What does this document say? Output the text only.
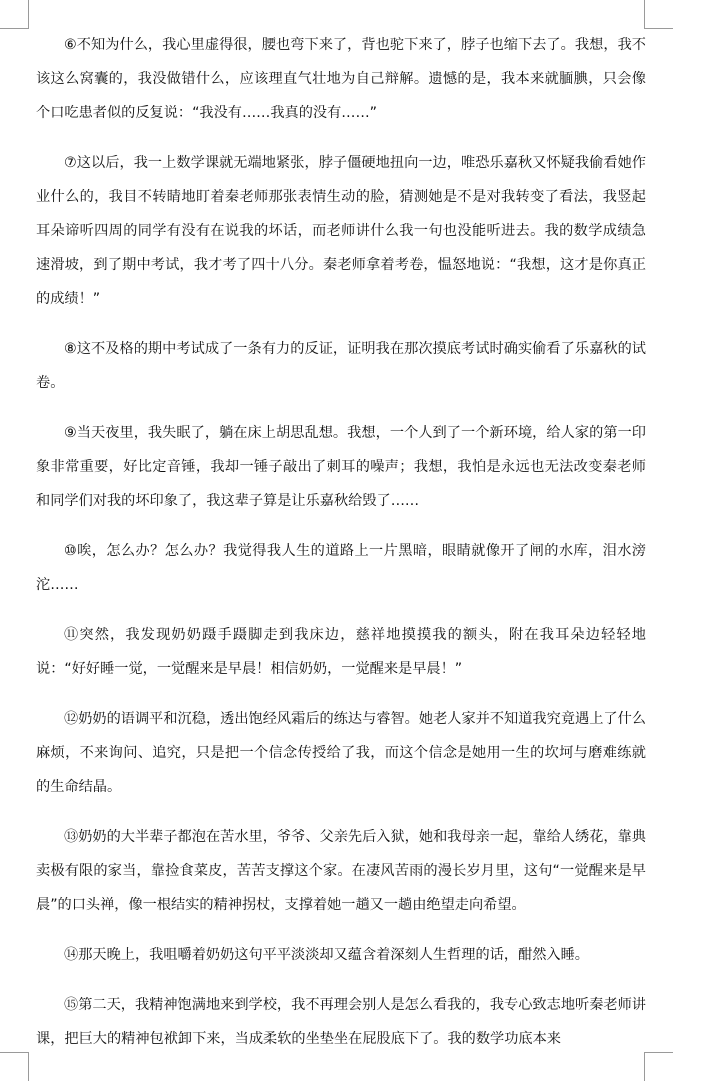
⑥不知为什么，我心里虚得很，腰也弯下来了，背也驼下来了，脖子也缩下去了。我想，我不该这么窝囊的，我没做错什么，应该理直气壮地为自己辩解。遗憾的是，我本来就腼腆，只会像个口吃患者似的反复说：“我没有……我真的没有……”

⑦这以后，我一上数学课就无端地紧张，脖子僵硬地扭向一边，唯恐乐嘉秋又怀疑我偷看她作业什么的，我目不转睛地盯着秦老师那张表情生动的脸，猜测她是不是对我转变了看法，我竖起耳朵谛听四周的同学有没有在说我的坏话，而老师讲什么我一句也没能听进去。我的数学成绩急速滑坡，到了期中考试，我才考了四十八分。秦老师拿着考卷，愠怒地说：“我想，这才是你真正的成绩！”

⑧这不及格的期中考试成了一条有力的反证，证明我在那次摸底考试时确实偷看了乐嘉秋的试卷。

⑨当天夜里，我失眠了，躺在床上胡思乱想。我想，一个人到了一个新环境，给人家的第一印象非常重要，好比定音锤，我却一锤子敲出了刺耳的噪声；我想，我怕是永远也无法改变秦老师和同学们对我的坏印象了，我这辈子算是让乐嘉秋给毁了……

⑩唉，怎么办？怎么办？我觉得我人生的道路上一片黑暗，眼睛就像开了闸的水库，泪水滂沱……

⑪突然，我发现奶奶蹑手蹑脚走到我床边，慈祥地摸摸我的额头，附在我耳朵边轻轻地说：“好好睡一觉，一觉醒来是早晨！相信奶奶，一觉醒来是早晨！”

⑫奶奶的语调平和沉稳，透出饱经风霜后的练达与睿智。她老人家并不知道我究竟遇上了什么麻烦，不来询问、追究，只是把一个信念传授给了我，而这个信念是她用一生的坎坷与磨难练就的生命结晶。

⑬奶奶的大半辈子都泡在苦水里，爷爷、父亲先后入狱，她和我母亲一起，靠给人绣花，靠典卖极有限的家当，靠捡食菜皮，苦苦支撑这个家。在凄风苦雨的漫长岁月里，这句“一觉醒来是早晨”的口头禅，像一根结实的精神拐杖，支撑着她一趟又一趟由绝望走向希望。

⑭那天晚上，我咀嚼着奶奶这句平平淡淡却又蕴含着深刻人生哲理的话，酣然入睡。

⑮第二天，我精神饱满地来到学校，我不再理会别人是怎么看我的，我专心致志地听秦老师讲课，把巨大的精神包袱卸下来，当成柔软的坐垫坐在屁股底下了。我的数学功底本来
